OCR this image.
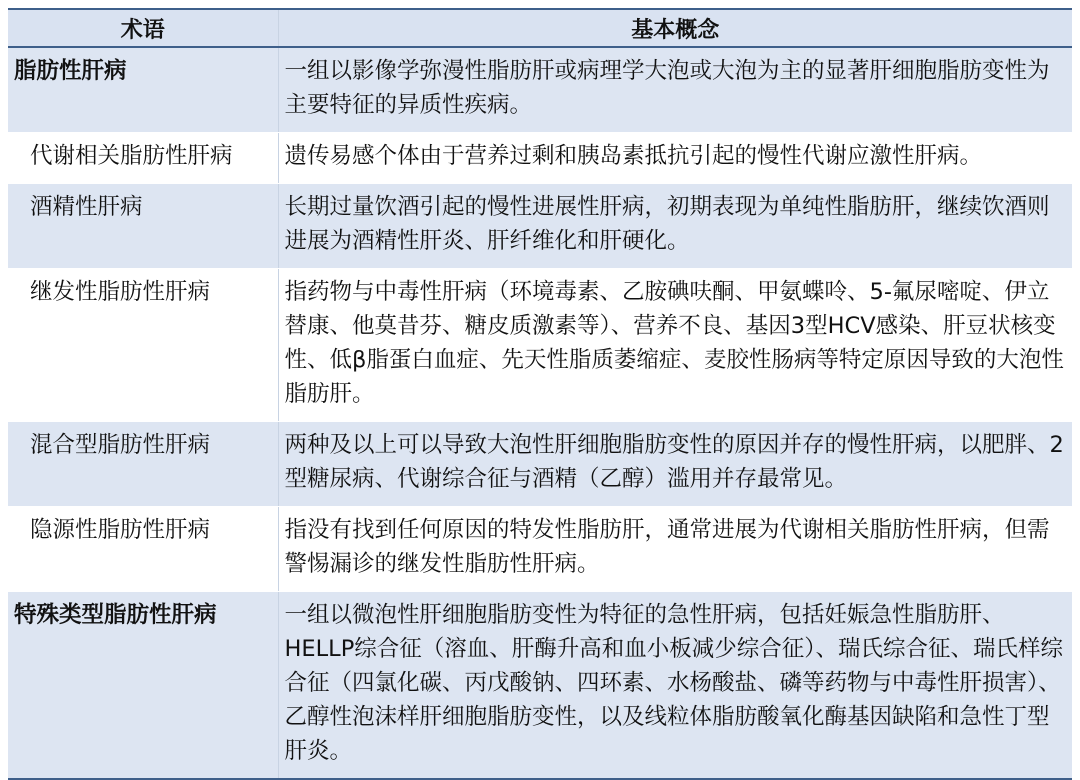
术语	基本概念
脂肪性肝病	一组以影像学弥漫性脂肪肝或病理学大泡或大泡为主的显著肝细胞脂肪变性为主要特征的异质性疾病。
代谢相关脂肪性肝病	遗传易感个体由于营养过剩和胰岛素抵抗引起的慢性代谢应激性肝病。
酒精性肝病	长期过量饮酒引起的慢性进展性肝病，初期表现为单纯性脂肪肝，继续饮酒则进展为酒精性肝炎、肝纤维化和肝硬化。
继发性脂肪性肝病	指药物与中毒性肝病（环境毒素、乙胺碘呋酮、甲氨蝶呤、5-氟尿嘧啶、伊立替康、他莫昔芬、糖皮质激素等）、营养不良、基因3型HCV感染、肝豆状核变性、低β脂蛋白血症、先天性脂质萎缩症、麦胶性肠病等特定原因导致的大泡性脂肪肝。
混合型脂肪性肝病	两种及以上可以导致大泡性肝细胞脂肪变性的原因并存的慢性肝病，以肥胖、2型糖尿病、代谢综合征与酒精（乙醇）滥用并存最常见。
隐源性脂肪性肝病	指没有找到任何原因的特发性脂肪肝，通常进展为代谢相关脂肪性肝病，但需警惕漏诊的继发性脂肪性肝病。
特殊类型脂肪性肝病	一组以微泡性肝细胞脂肪变性为特征的急性肝病，包括妊娠急性脂肪肝、HELLP综合征（溶血、肝酶升高和血小板减少综合征）、瑞氏综合征、瑞氏样综合征（四氯化碳、丙戊酸钠、四环素、水杨酸盐、磷等药物与中毒性肝损害）、乙醇性泡沫样肝细胞脂肪变性，以及线粒体脂肪酸氧化酶基因缺陷和急性丁型肝炎。
